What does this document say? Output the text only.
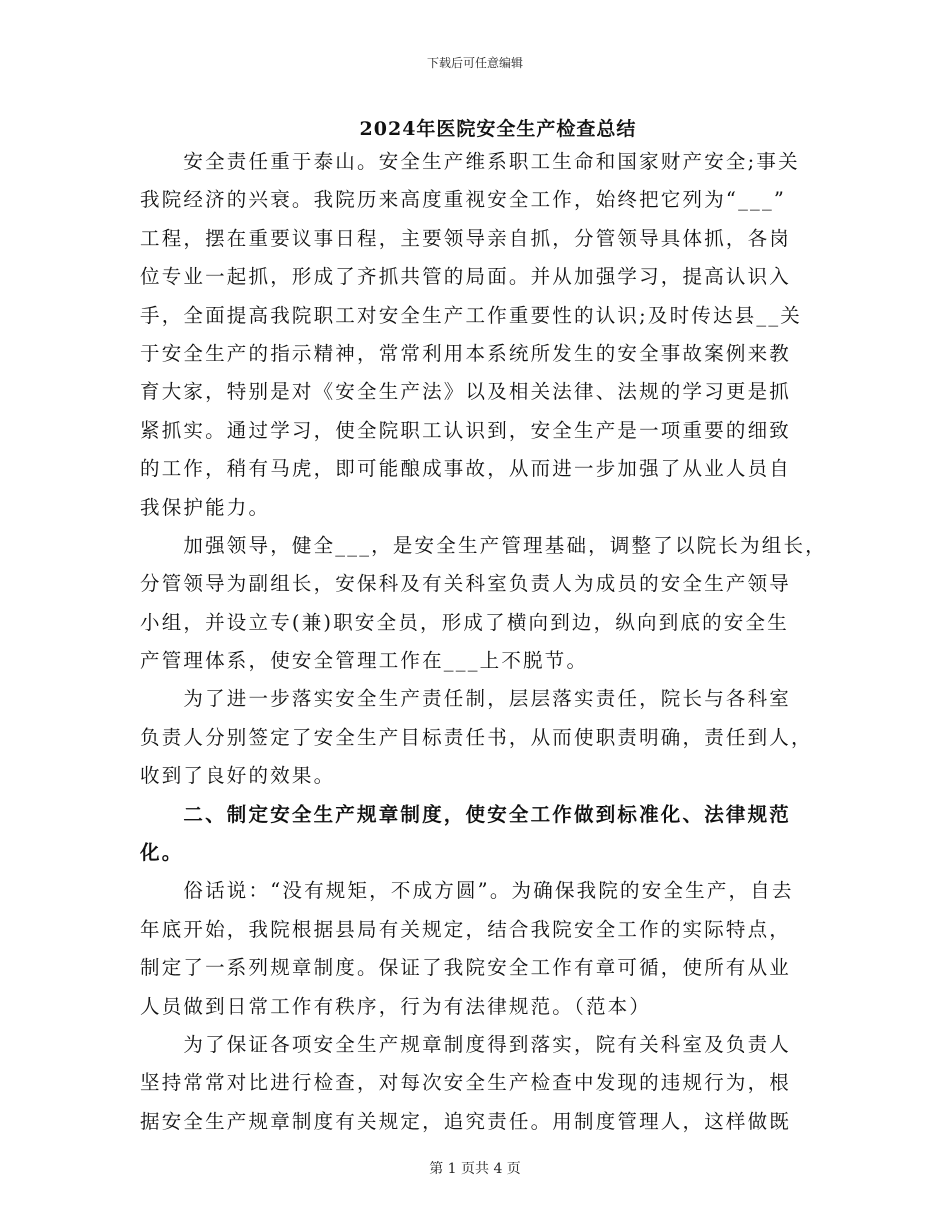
下载后可任意编辑
2024年医院安全生产检查总结
　　安全责任重于泰山。安全生产维系职工生命和国家财产安全;事关
我院经济的兴衰。我院历来高度重视安全工作，始终把它列为“___”
工程，摆在重要议事日程，主要领导亲自抓，分管领导具体抓，各岗
位专业一起抓，形成了齐抓共管的局面。并从加强学习，提高认识入
手，全面提高我院职工对安全生产工作重要性的认识;及时传达县__关
于安全生产的指示精神，常常利用本系统所发生的安全事故案例来教
育大家，特别是对《安全生产法》以及相关法律、法规的学习更是抓
紧抓实。通过学习，使全院职工认识到，安全生产是一项重要的细致
的工作，稍有马虎，即可能酿成事故，从而进一步加强了从业人员自
我保护能力。
　　加强领导，健全___，是安全生产管理基础，调整了以院长为组长，
分管领导为副组长，安保科及有关科室负责人为成员的安全生产领导
小组，并设立专(兼)职安全员，形成了横向到边，纵向到底的安全生
产管理体系，使安全管理工作在___上不脱节。
　　为了进一步落实安全生产责任制，层层落实责任，院长与各科室
负责人分别签定了安全生产目标责任书，从而使职责明确，责任到人，
收到了良好的效果。
　　二、制定安全生产规章制度，使安全工作做到标准化、法律规范
化。
　　俗话说：“没有规矩，不成方圆”。为确保我院的安全生产，自去
年底开始，我院根据县局有关规定，结合我院安全工作的实际特点，
制定了一系列规章制度。保证了我院安全工作有章可循，使所有从业
人员做到日常工作有秩序，行为有法律规范。（范本）
　　为了保证各项安全生产规章制度得到落实，院有关科室及负责人
坚持常常对比进行检查，对每次安全生产检查中发现的违规行为，根
据安全生产规章制度有关规定，追究责任。用制度管理人，这样做既
第 1 页共 4 页
